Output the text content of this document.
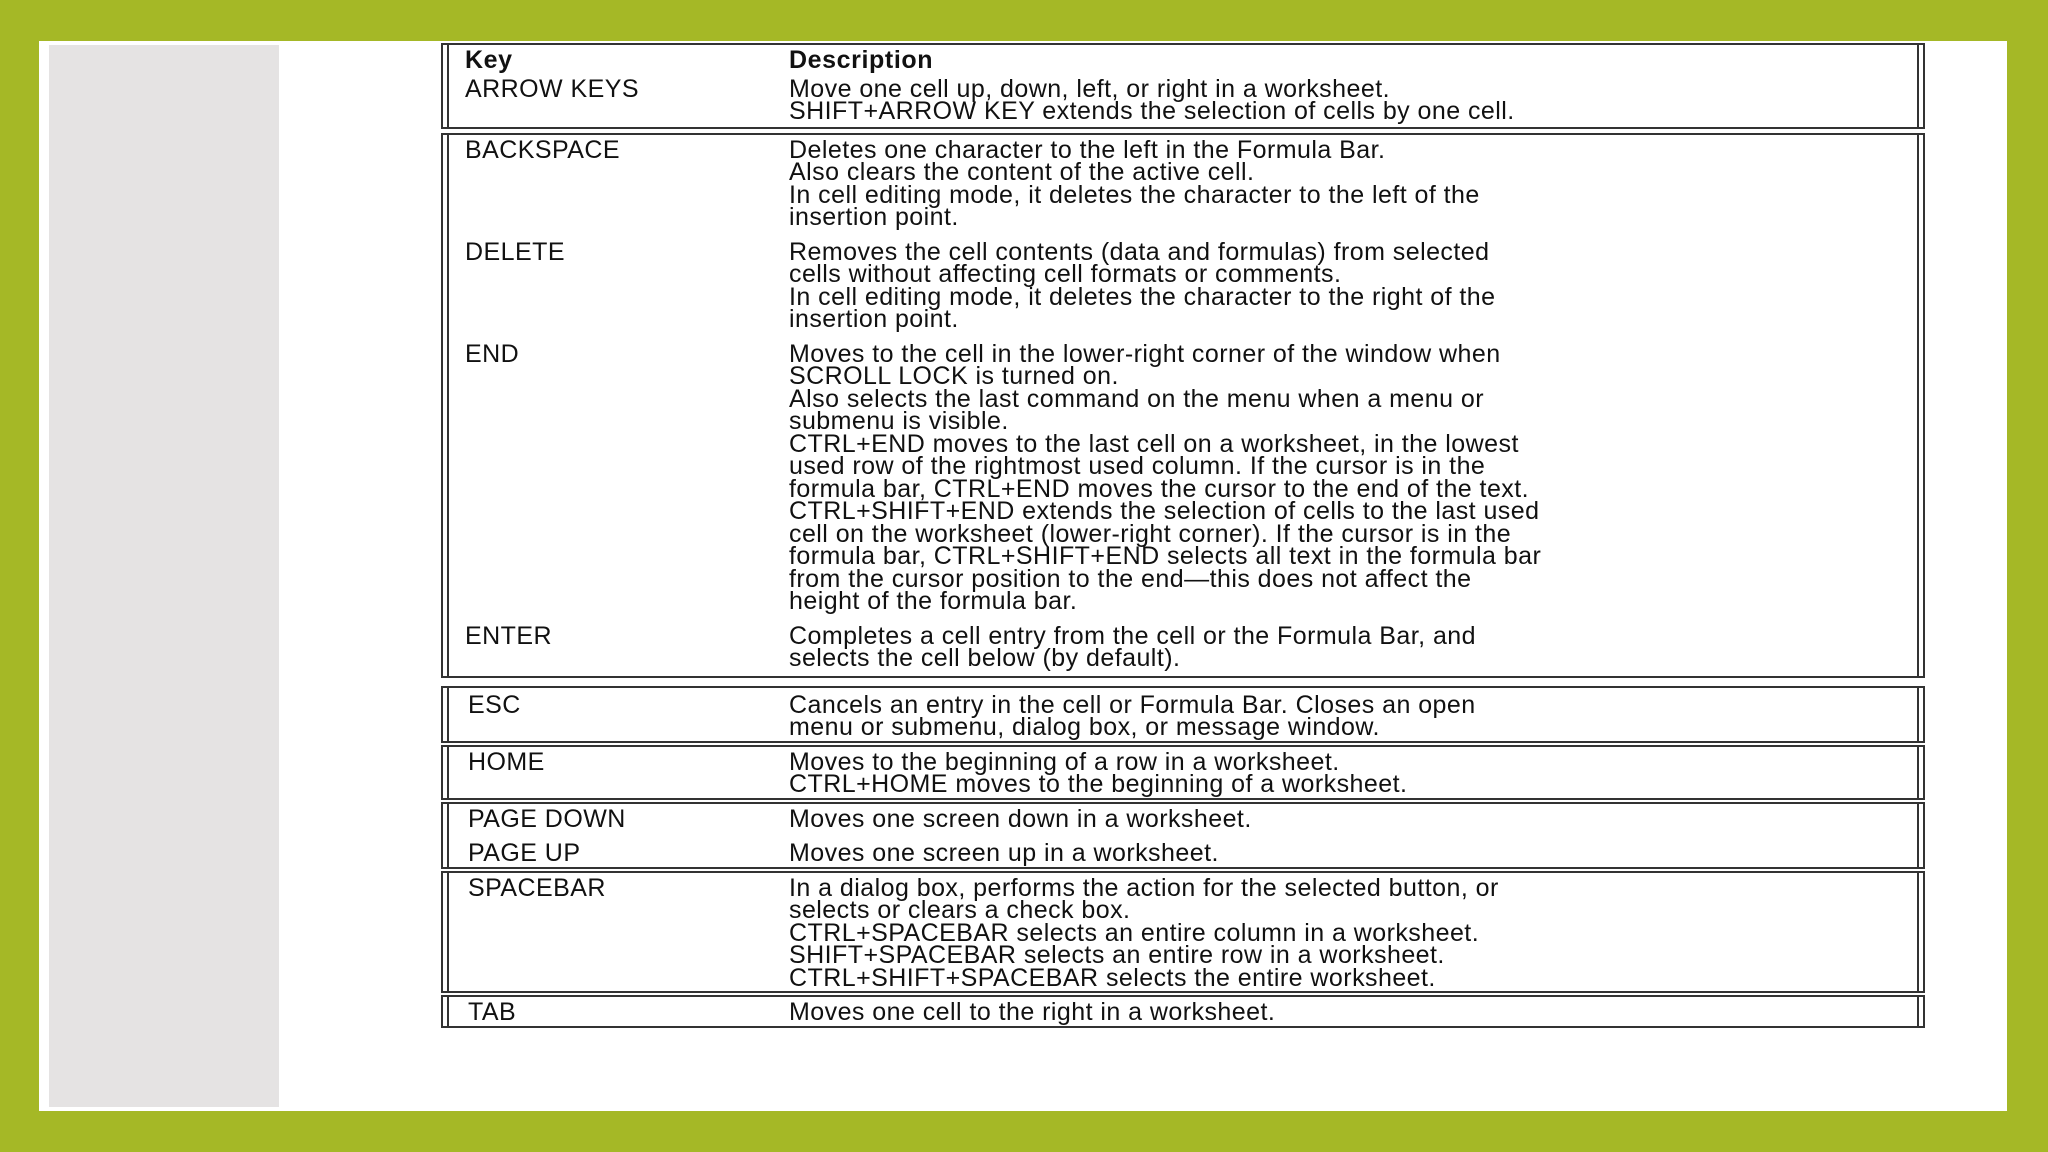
Key	Description
ARROW KEYS	Move one cell up, down, left, or right in a worksheet.
SHIFT+ARROW KEY extends the selection of cells by one cell.
BACKSPACE	Deletes one character to the left in the Formula Bar.
Also clears the content of the active cell.
In cell editing mode, it deletes the character to the left of the
insertion point.
DELETE	Removes the cell contents (data and formulas) from selected
cells without affecting cell formats or comments.
In cell editing mode, it deletes the character to the right of the
insertion point.
END	Moves to the cell in the lower-right corner of the window when
SCROLL LOCK is turned on.
Also selects the last command on the menu when a menu or
submenu is visible.
CTRL+END moves to the last cell on a worksheet, in the lowest
used row of the rightmost used column. If the cursor is in the
formula bar, CTRL+END moves the cursor to the end of the text.
CTRL+SHIFT+END extends the selection of cells to the last used
cell on the worksheet (lower-right corner). If the cursor is in the
formula bar, CTRL+SHIFT+END selects all text in the formula bar
from the cursor position to the end—this does not affect the
height of the formula bar.
ENTER	Completes a cell entry from the cell or the Formula Bar, and
selects the cell below (by default).
ESC	Cancels an entry in the cell or Formula Bar. Closes an open
menu or submenu, dialog box, or message window.
HOME	Moves to the beginning of a row in a worksheet.
CTRL+HOME moves to the beginning of a worksheet.
PAGE DOWN	Moves one screen down in a worksheet.
PAGE UP	Moves one screen up in a worksheet.
SPACEBAR	In a dialog box, performs the action for the selected button, or
selects or clears a check box.
CTRL+SPACEBAR selects an entire column in a worksheet.
SHIFT+SPACEBAR selects an entire row in a worksheet.
CTRL+SHIFT+SPACEBAR selects the entire worksheet.
TAB	Moves one cell to the right in a worksheet.
